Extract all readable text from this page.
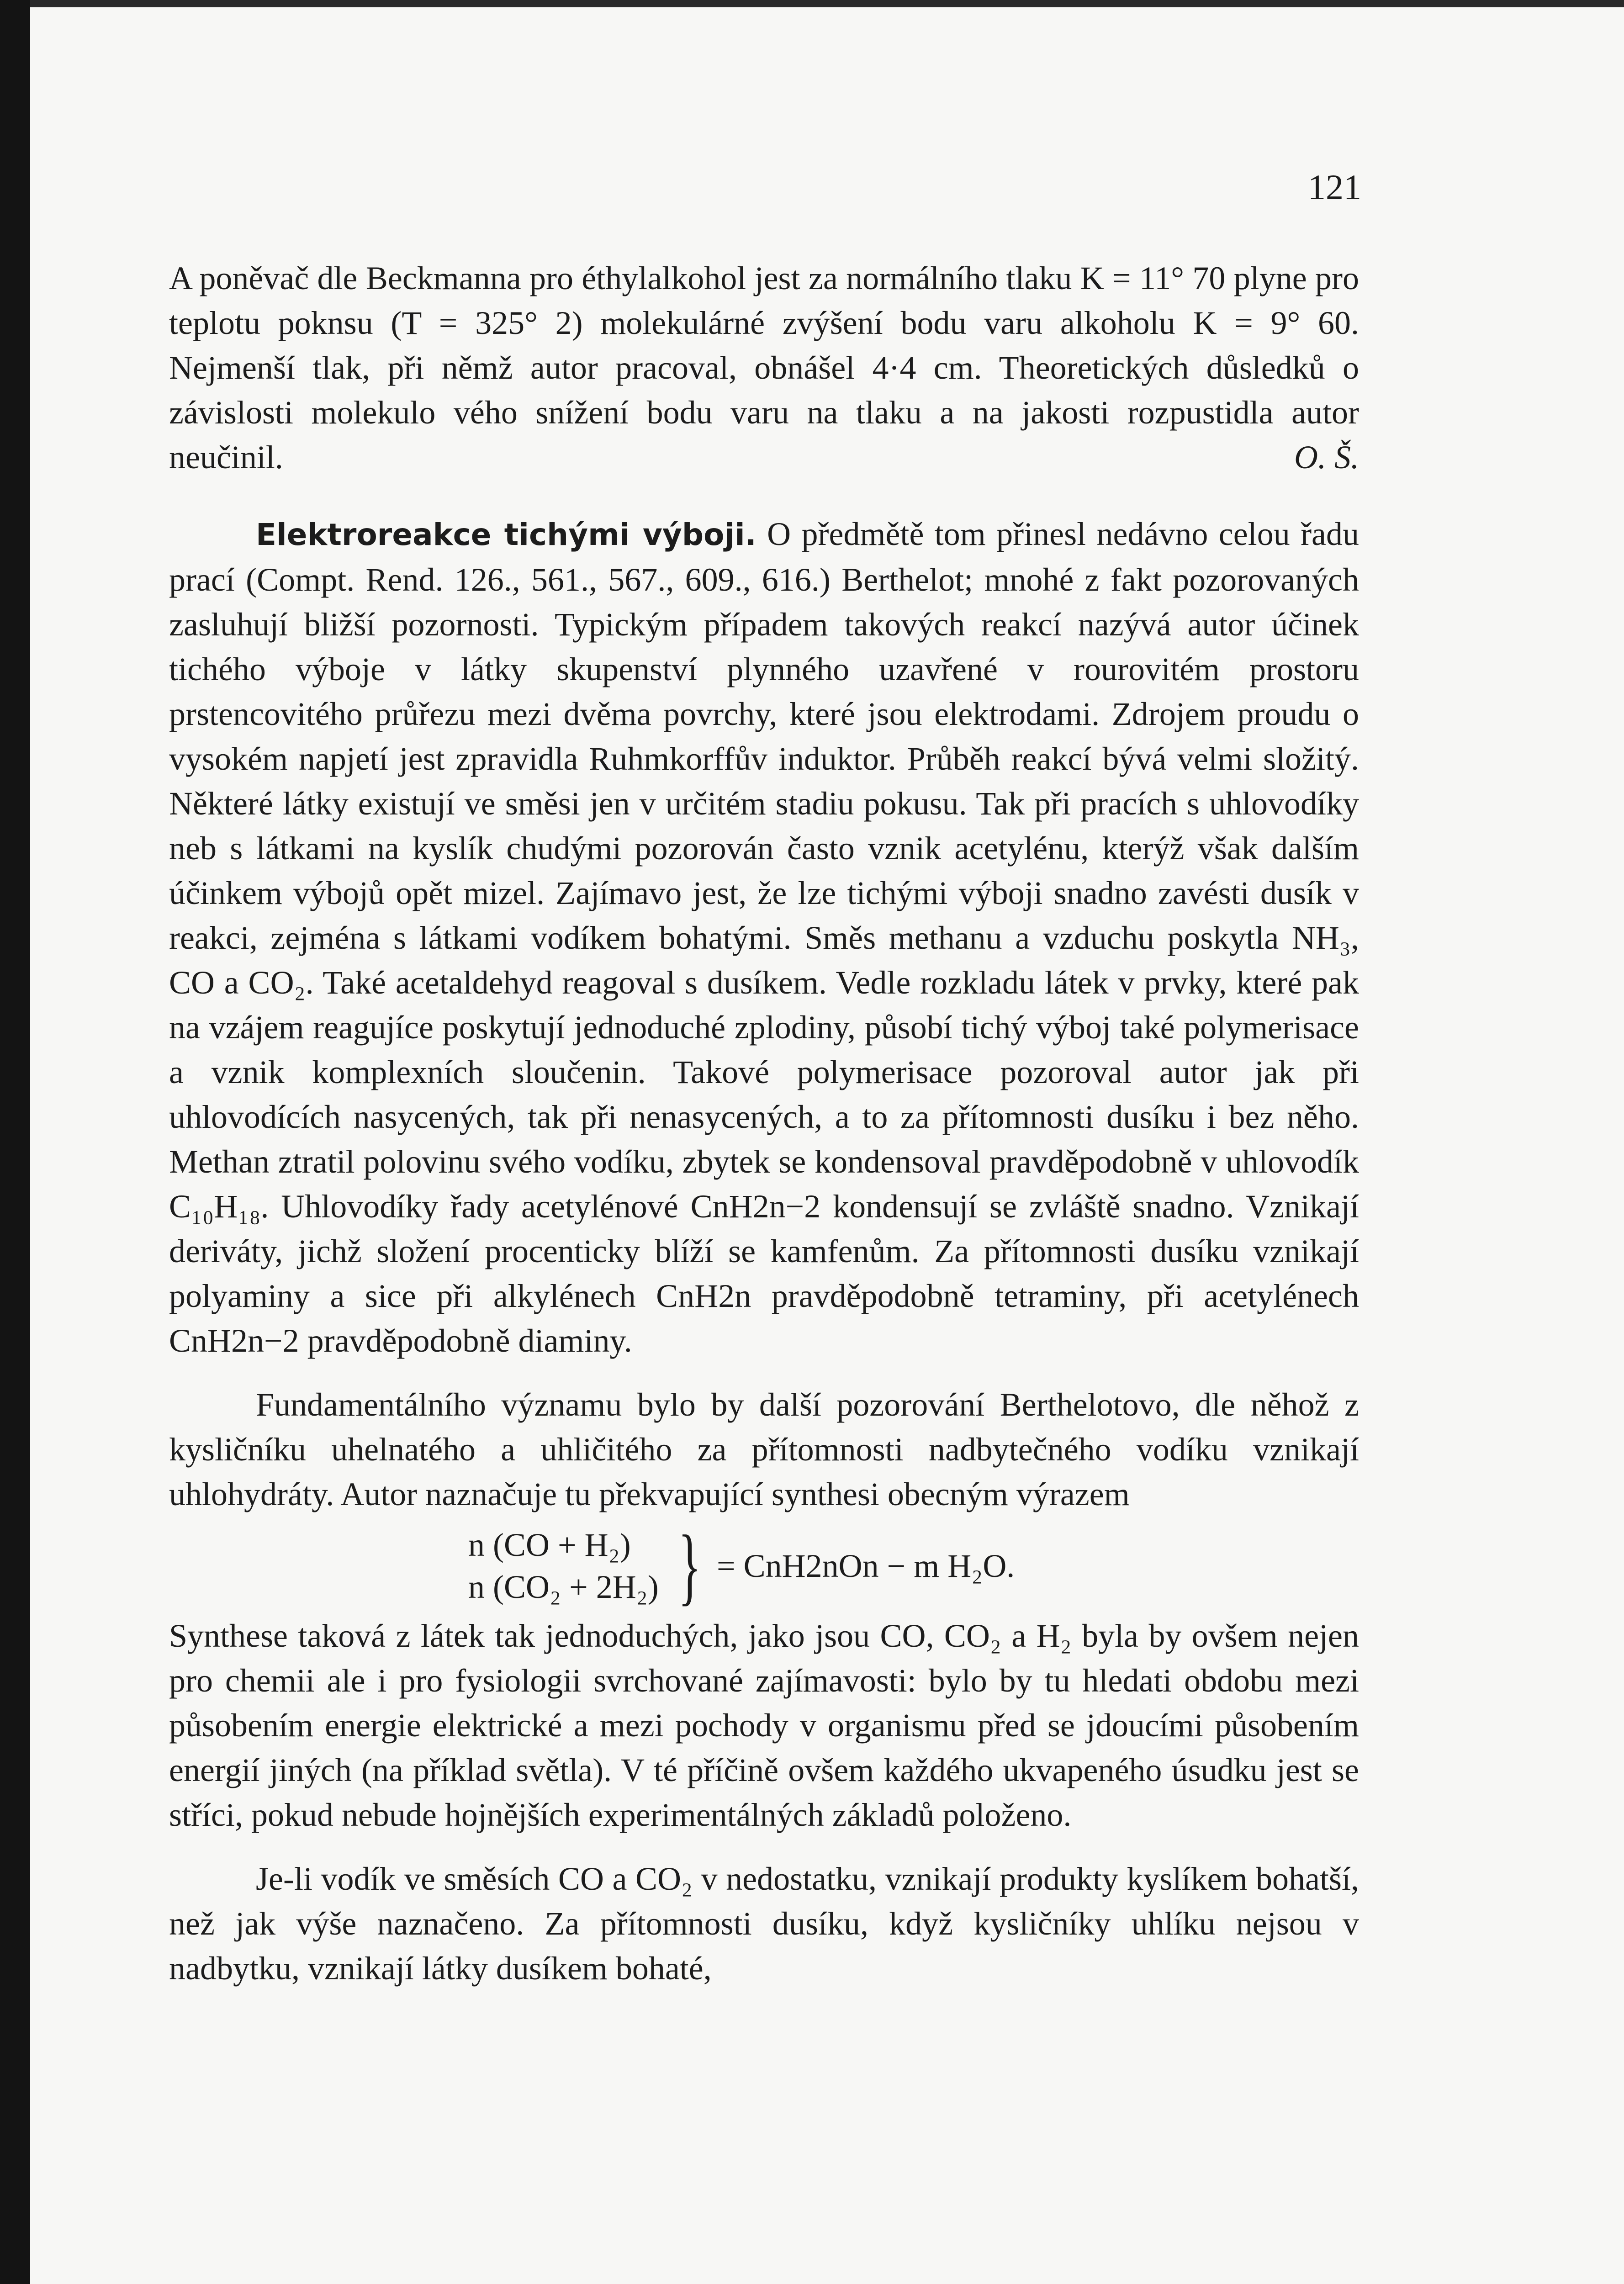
121

A poněvač dle Beckmanna pro éthylalkohol jest za normálního tlaku K = 11° 70 plyne pro teplotu poknsu (T = 325° 2) molekulárné zvýšení bodu varu alkoholu K = 9° 60. Nejmenší tlak, při němž autor pracoval, obnášel 4·4 cm. Theoretických důsledků o závislosti molekulo vého snížení bodu varu na tlaku a na jakosti rozpustidla autor neučinil.	O. Š.

Elektroreakce tichými výboji. O předmětě tom přinesl nedávno celou řadu prací (Compt. Rend. 126., 561., 567., 609., 616.) Berthelot; mnohé z fakt pozorovaných zasluhují bližší pozornosti. Typickým případem takových reakcí nazývá autor účinek tichého výboje v látky skupenství plynného uzavřené v rourovitém prostoru prstencovitého průřezu mezi dvěma povrchy, které jsou elektrodami. Zdrojem proudu o vysokém napjetí jest zpravidla Ruhmkorffův induktor. Průběh reakcí bývá velmi složitý. Některé látky existují ve směsi jen v určitém stadiu pokusu. Tak při pracích s uhlovodíky neb s látkami na kyslík chudými pozorován často vznik acetylénu, kterýž však dalším účinkem výbojů opět mizel. Zajímavo jest, že lze tichými výboji snadno zavésti dusík v reakci, zejména s látkami vodíkem bohatými. Směs methanu a vzduchu poskytla NH₃, CO a CO₂. Také acetaldehyd reagoval s dusíkem. Vedle rozkladu látek v prvky, které pak na vzájem reagujíce poskytují jednoduché zplodiny, působí tichý výboj také polymerisace a vznik komplexních sloučenin. Takové polymerisace pozoroval autor jak při uhlovodících nasycených, tak při nenasycených, a to za přítomnosti dusíku i bez něho. Methan ztratil polovinu svého vodíku, zbytek se kondensoval pravděpodobně v uhlovodík C₁₀H₁₈. Uhlovodíky řady acetylénové CnH2n−2 kondensují se zvláště snadno. Vznikají deriváty, jichž složení procenticky blíží se kamfenům. Za přítomnosti dusíku vznikají polyaminy a sice při alkylénech CnH2n pravděpodobně tetraminy, při acetylénech CnH2n−2 pravděpodobně diaminy.

Fundamentálního významu bylo by další pozorování Berthelotovo, dle něhož z kysličníku uhelnatého a uhličitého za přítomnosti nadbytečného vodíku vznikají uhlohydráty. Autor naznačuje tu překvapující synthesi obecným výrazem

n (CO + H₂)
n (CO₂ + 2H₂) } = CnH2nOn − m H₂O.

Synthese taková z látek tak jednoduchých, jako jsou CO, CO₂ a H₂ byla by ovšem nejen pro chemii ale i pro fysiologii svrchované zajímavosti: bylo by tu hledati obdobu mezi působením energie elektrické a mezi pochody v organismu před se jdoucími působením energií jiných (na příklad světla). V té příčině ovšem každého ukvapeného úsudku jest se stříci, pokud nebude hojnějších experimentálných základů položeno.

Je-li vodík ve směsích CO a CO₂ v nedostatku, vznikají produkty kyslíkem bohatší, než jak výše naznačeno. Za přítomnosti dusíku, když kysličníky uhlíku nejsou v nadbytku, vznikají látky dusíkem bohaté,
